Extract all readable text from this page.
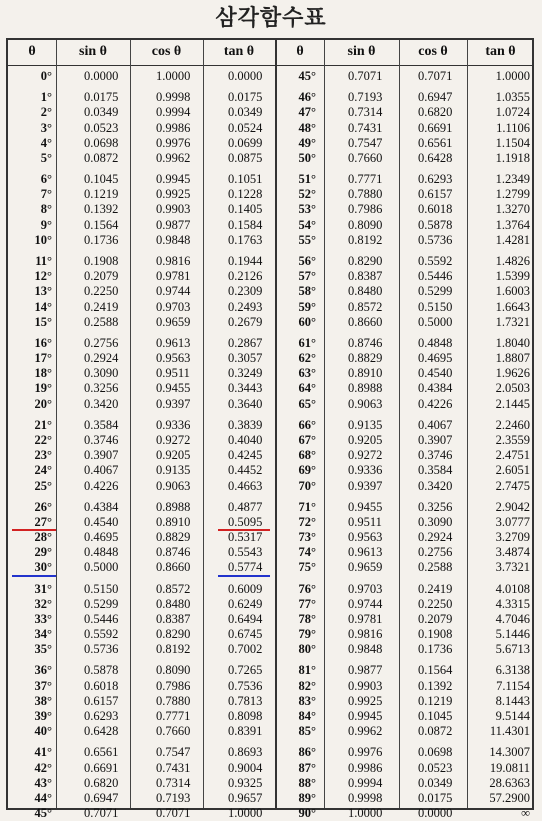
삼각함수표
θ	sin θ	cos θ	tan θ	θ	sin θ	cos θ	tan θ
0°	0.0000	1.0000	0.0000	45°	0.7071	0.7071	1.0000
1°	0.0175	0.9998	0.0175	46°	0.7193	0.6947	1.0355
2°	0.0349	0.9994	0.0349	47°	0.7314	0.6820	1.0724
3°	0.0523	0.9986	0.0524	48°	0.7431	0.6691	1.1106
4°	0.0698	0.9976	0.0699	49°	0.7547	0.6561	1.1504
5°	0.0872	0.9962	0.0875	50°	0.7660	0.6428	1.1918
6°	0.1045	0.9945	0.1051	51°	0.7771	0.6293	1.2349
7°	0.1219	0.9925	0.1228	52°	0.7880	0.6157	1.2799
8°	0.1392	0.9903	0.1405	53°	0.7986	0.6018	1.3270
9°	0.1564	0.9877	0.1584	54°	0.8090	0.5878	1.3764
10°	0.1736	0.9848	0.1763	55°	0.8192	0.5736	1.4281
11°	0.1908	0.9816	0.1944	56°	0.8290	0.5592	1.4826
12°	0.2079	0.9781	0.2126	57°	0.8387	0.5446	1.5399
13°	0.2250	0.9744	0.2309	58°	0.8480	0.5299	1.6003
14°	0.2419	0.9703	0.2493	59°	0.8572	0.5150	1.6643
15°	0.2588	0.9659	0.2679	60°	0.8660	0.5000	1.7321
16°	0.2756	0.9613	0.2867	61°	0.8746	0.4848	1.8040
17°	0.2924	0.9563	0.3057	62°	0.8829	0.4695	1.8807
18°	0.3090	0.9511	0.3249	63°	0.8910	0.4540	1.9626
19°	0.3256	0.9455	0.3443	64°	0.8988	0.4384	2.0503
20°	0.3420	0.9397	0.3640	65°	0.9063	0.4226	2.1445
21°	0.3584	0.9336	0.3839	66°	0.9135	0.4067	2.2460
22°	0.3746	0.9272	0.4040	67°	0.9205	0.3907	2.3559
23°	0.3907	0.9205	0.4245	68°	0.9272	0.3746	2.4751
24°	0.4067	0.9135	0.4452	69°	0.9336	0.3584	2.6051
25°	0.4226	0.9063	0.4663	70°	0.9397	0.3420	2.7475
26°	0.4384	0.8988	0.4877	71°	0.9455	0.3256	2.9042
27°	0.4540	0.8910	0.5095	72°	0.9511	0.3090	3.0777
28°	0.4695	0.8829	0.5317	73°	0.9563	0.2924	3.2709
29°	0.4848	0.8746	0.5543	74°	0.9613	0.2756	3.4874
30°	0.5000	0.8660	0.5774	75°	0.9659	0.2588	3.7321
31°	0.5150	0.8572	0.6009	76°	0.9703	0.2419	4.0108
32°	0.5299	0.8480	0.6249	77°	0.9744	0.2250	4.3315
33°	0.5446	0.8387	0.6494	78°	0.9781	0.2079	4.7046
34°	0.5592	0.8290	0.6745	79°	0.9816	0.1908	5.1446
35°	0.5736	0.8192	0.7002	80°	0.9848	0.1736	5.6713
36°	0.5878	0.8090	0.7265	81°	0.9877	0.1564	6.3138
37°	0.6018	0.7986	0.7536	82°	0.9903	0.1392	7.1154
38°	0.6157	0.7880	0.7813	83°	0.9925	0.1219	8.1443
39°	0.6293	0.7771	0.8098	84°	0.9945	0.1045	9.5144
40°	0.6428	0.7660	0.8391	85°	0.9962	0.0872	11.4301
41°	0.6561	0.7547	0.8693	86°	0.9976	0.0698	14.3007
42°	0.6691	0.7431	0.9004	87°	0.9986	0.0523	19.0811
43°	0.6820	0.7314	0.9325	88°	0.9994	0.0349	28.6363
44°	0.6947	0.7193	0.9657	89°	0.9998	0.0175	57.2900
45°	0.7071	0.7071	1.0000	90°	1.0000	0.0000	∞
